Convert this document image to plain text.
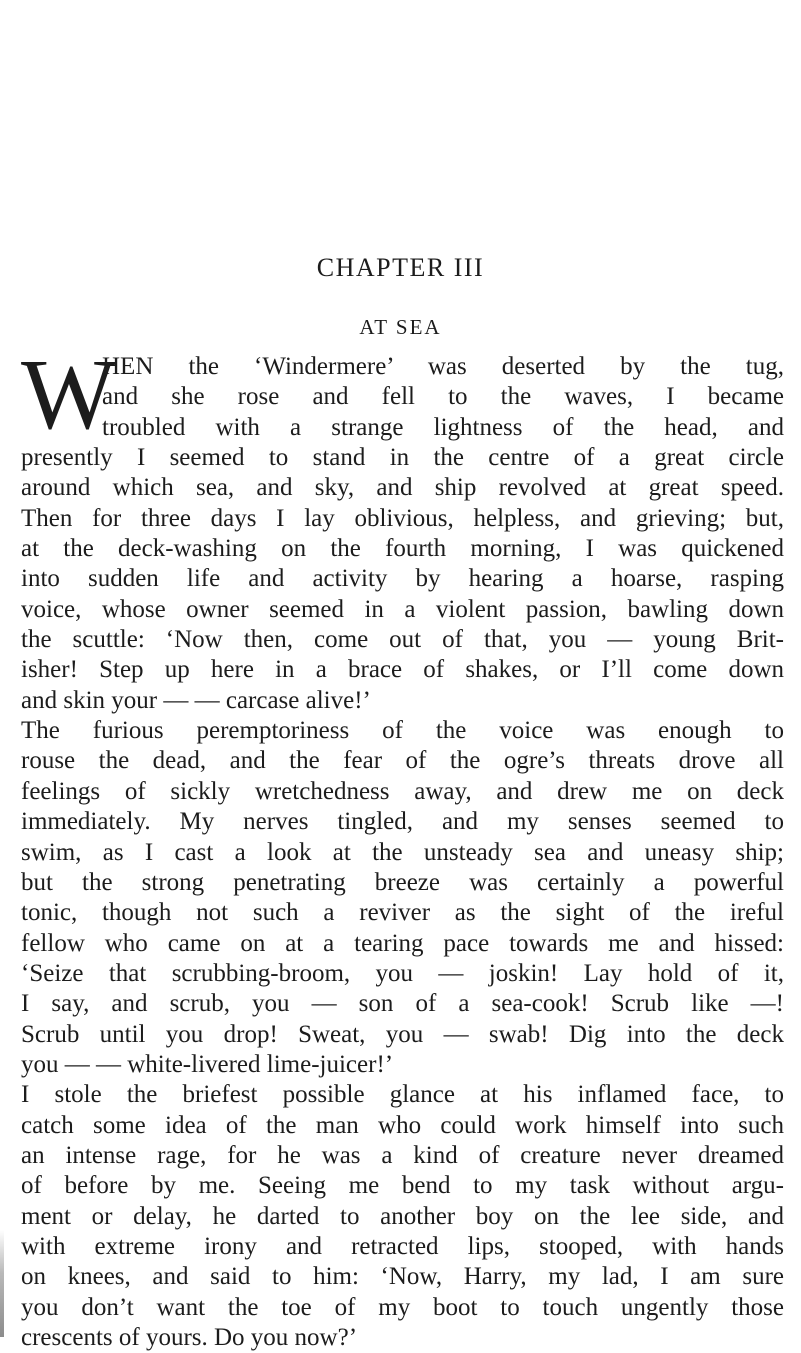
CHAPTER III
AT SEA
W
HEN the ‘Windermere’ was deserted by the tug,
and she rose and fell to the waves, I became
troubled with a strange lightness of the head, and
presently I seemed to stand in the centre of a great circle
around which sea, and sky, and ship revolved at great speed.
Then for three days I lay oblivious, helpless, and grieving; but,
at the deck-washing on the fourth morning, I was quickened
into sudden life and activity by hearing a hoarse, rasping
voice, whose owner seemed in a violent passion, bawling down
the scuttle: ‘Now then, come out of that, you — young Brit-
isher! Step up here in a brace of shakes, or I’ll come down
and skin your — — carcase alive!’
The furious peremptoriness of the voice was enough to
rouse the dead, and the fear of the ogre’s threats drove all
feelings of sickly wretchedness away, and drew me on deck
immediately. My nerves tingled, and my senses seemed to
swim, as I cast a look at the unsteady sea and uneasy ship;
but the strong penetrating breeze was certainly a powerful
tonic, though not such a reviver as the sight of the ireful
fellow who came on at a tearing pace towards me and hissed:
‘Seize that scrubbing-broom, you — joskin! Lay hold of it,
I say, and scrub, you — son of a sea-cook! Scrub like —!
Scrub until you drop! Sweat, you — swab! Dig into the deck
you — — white-livered lime-juicer!’
I stole the briefest possible glance at his inflamed face, to
catch some idea of the man who could work himself into such
an intense rage, for he was a kind of creature never dreamed
of before by me. Seeing me bend to my task without argu-
ment or delay, he darted to another boy on the lee side, and
with extreme irony and retracted lips, stooped, with hands
on knees, and said to him: ‘Now, Harry, my lad, I am sure
you don’t want the toe of my boot to touch ungently those
crescents of yours. Do you now?’
